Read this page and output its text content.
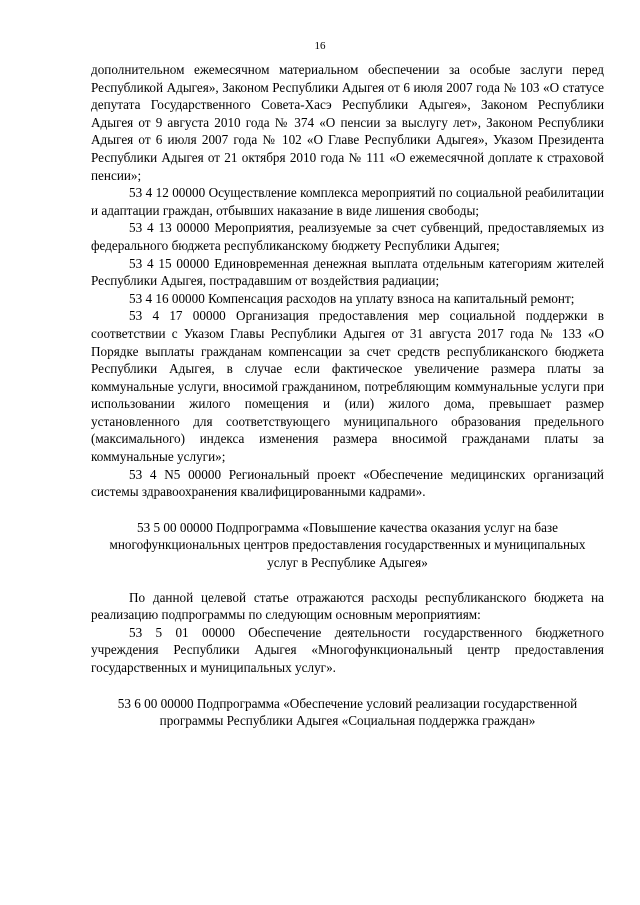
16

дополнительном ежемесячном материальном обеспечении за особые заслуги перед Республикой Адыгея», Законом Республики Адыгея от 6 июля 2007 года № 103 «О статусе депутата Государственного Совета-Хасэ Республики Адыгея», Законом Республики Адыгея от 9 августа 2010 года № 374 «О пенсии за выслугу лет», Законом Республики Адыгея от 6 июля 2007 года № 102 «О Главе Республики Адыгея», Указом Президента Республики Адыгея от 21 октября 2010 года № 111 «О ежемесячной доплате к страховой пенсии»;

53 4 12 00000 Осуществление комплекса мероприятий по социальной реабилитации и адаптации граждан, отбывших наказание в виде лишения свободы;

53 4 13 00000 Мероприятия, реализуемые за счет субвенций, предоставляемых из федерального бюджета республиканскому бюджету Республики Адыгея;

53 4 15 00000 Единовременная денежная выплата отдельным категориям жителей Республики Адыгея, пострадавшим от воздействия радиации;

53 4 16 00000 Компенсация расходов на уплату взноса на капитальный ремонт;

53 4 17 00000 Организация предоставления мер социальной поддержки в соответствии с Указом Главы Республики Адыгея от 31 августа 2017 года № 133 «О Порядке выплаты гражданам компенсации за счет средств республиканского бюджета Республики Адыгея, в случае если фактическое увеличение размера платы за коммунальные услуги, вносимой гражданином, потребляющим коммунальные услуги при использовании жилого помещения и (или) жилого дома, превышает размер установленного для соответствующего муниципального образования предельного (максимального) индекса изменения размера вносимой гражданами платы за коммунальные услуги»;

53 4 N5 00000 Региональный проект «Обеспечение медицинских организаций системы здравоохранения квалифицированными кадрами».

53 5 00 00000 Подпрограмма «Повышение качества оказания услуг на базе многофункциональных центров предоставления государственных и муниципальных услуг в Республике Адыгея»

По данной целевой статье отражаются расходы республиканского бюджета на реализацию подпрограммы по следующим основным мероприятиям:

53 5 01 00000 Обеспечение деятельности государственного бюджетного учреждения Республики Адыгея «Многофункциональный центр предоставления государственных и муниципальных услуг».

53 6 00 00000 Подпрограмма «Обеспечение условий реализации государственной программы Республики Адыгея «Социальная поддержка граждан»
